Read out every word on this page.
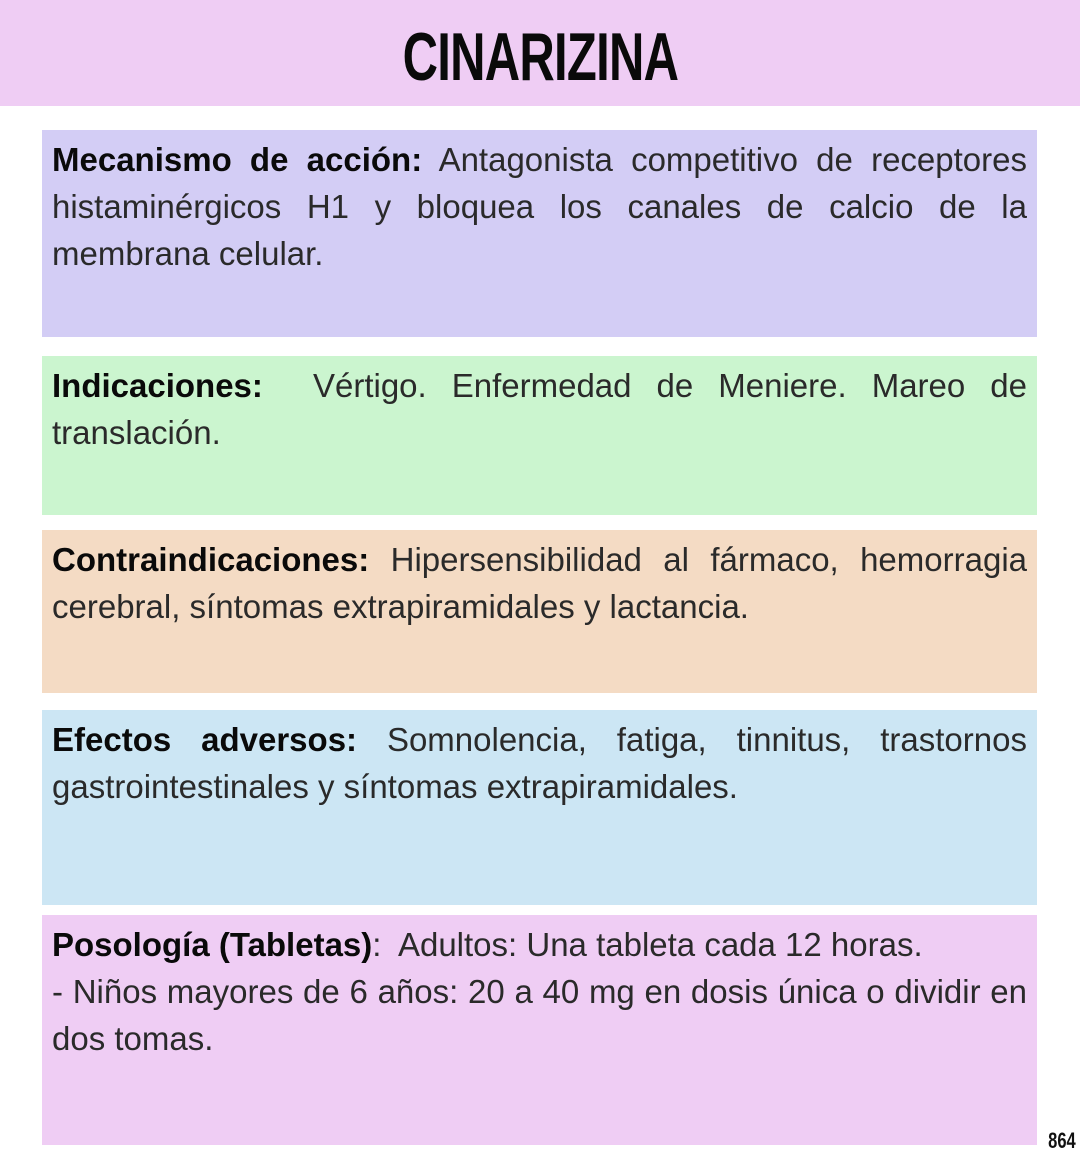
CINARIZINA

Mecanismo de acción: Antagonista competitivo de receptores histaminérgicos H1 y bloquea los canales de calcio de la membrana celular.

Indicaciones:  Vértigo. Enfermedad de Meniere. Mareo de translación.

Contraindicaciones: Hipersensibilidad al fármaco, hemorragia cerebral, síntomas extrapiramidales y lactancia.

Efectos adversos: Somnolencia, fatiga, tinnitus, trastornos gastrointestinales y síntomas extrapiramidales.

Posología (Tabletas):  Adultos: Una tableta cada 12 horas.

- Niños mayores de 6 años: 20 a 40 mg en dosis única o dividir en dos tomas.

864
